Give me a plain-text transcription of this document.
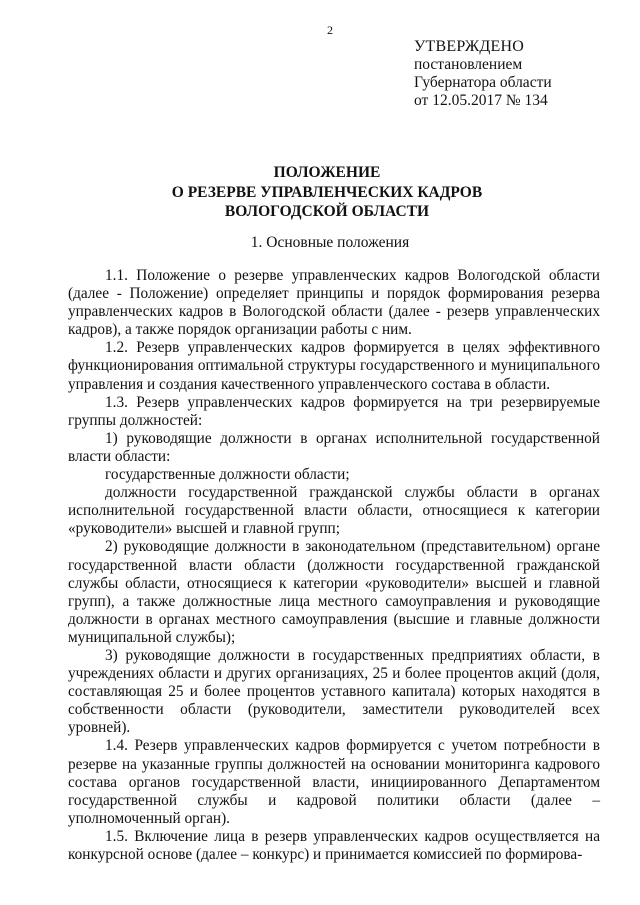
2
УТВЕРЖДЕНО
постановлением
Губернатора области
от 12.05.2017 № 134
ПОЛОЖЕНИЕ
О РЕЗЕРВЕ УПРАВЛЕНЧЕСКИХ КАДРОВ
ВОЛОГОДСКОЙ ОБЛАСТИ
1. Основные положения

1.1. Положение о резерве управленческих кадров Вологодской области (далее - Положение) определяет принципы и порядок формирования резерва управленческих кадров в Вологодской области (далее - резерв управленческих кадров), а также порядок организации работы с ним.

1.2. Резерв управленческих кадров формируется в целях эффективного функционирования оптимальной структуры государственного и муниципального управления и создания качественного управленческого состава в области.

1.3. Резерв управленческих кадров формируется на три резервируемые группы должностей:

1) руководящие должности в органах исполнительной государственной власти области:

государственные должности области;

должности государственной гражданской службы области в органах исполнительной государственной власти области, относящиеся к категории «руководители» высшей и главной групп;

2) руководящие должности в законодательном (представительном) органе государственной власти области (должности государственной гражданской службы области, относящиеся к категории «руководители» высшей и главной групп), а также должностные лица местного самоуправления и руководящие должности в органах местного самоуправления (высшие и главные должности муниципальной службы);

3) руководящие должности в государственных предприятиях области, в учреждениях области и других организациях, 25 и более процентов акций (доля, составляющая 25 и более процентов уставного капитала) которых находятся в собственности области (руководители, заместители руководителей всех уровней).

1.4. Резерв управленческих кадров формируется с учетом потребности в резерве на указанные группы должностей на основании мониторинга кадрового состава органов государственной власти, инициированного Департаментом государственной службы и кадровой политики области (далее – уполномоченный орган).

1.5. Включение лица в резерв управленческих кадров осуществляется на конкурсной основе (далее – конкурс) и принимается комиссией по формирова-
